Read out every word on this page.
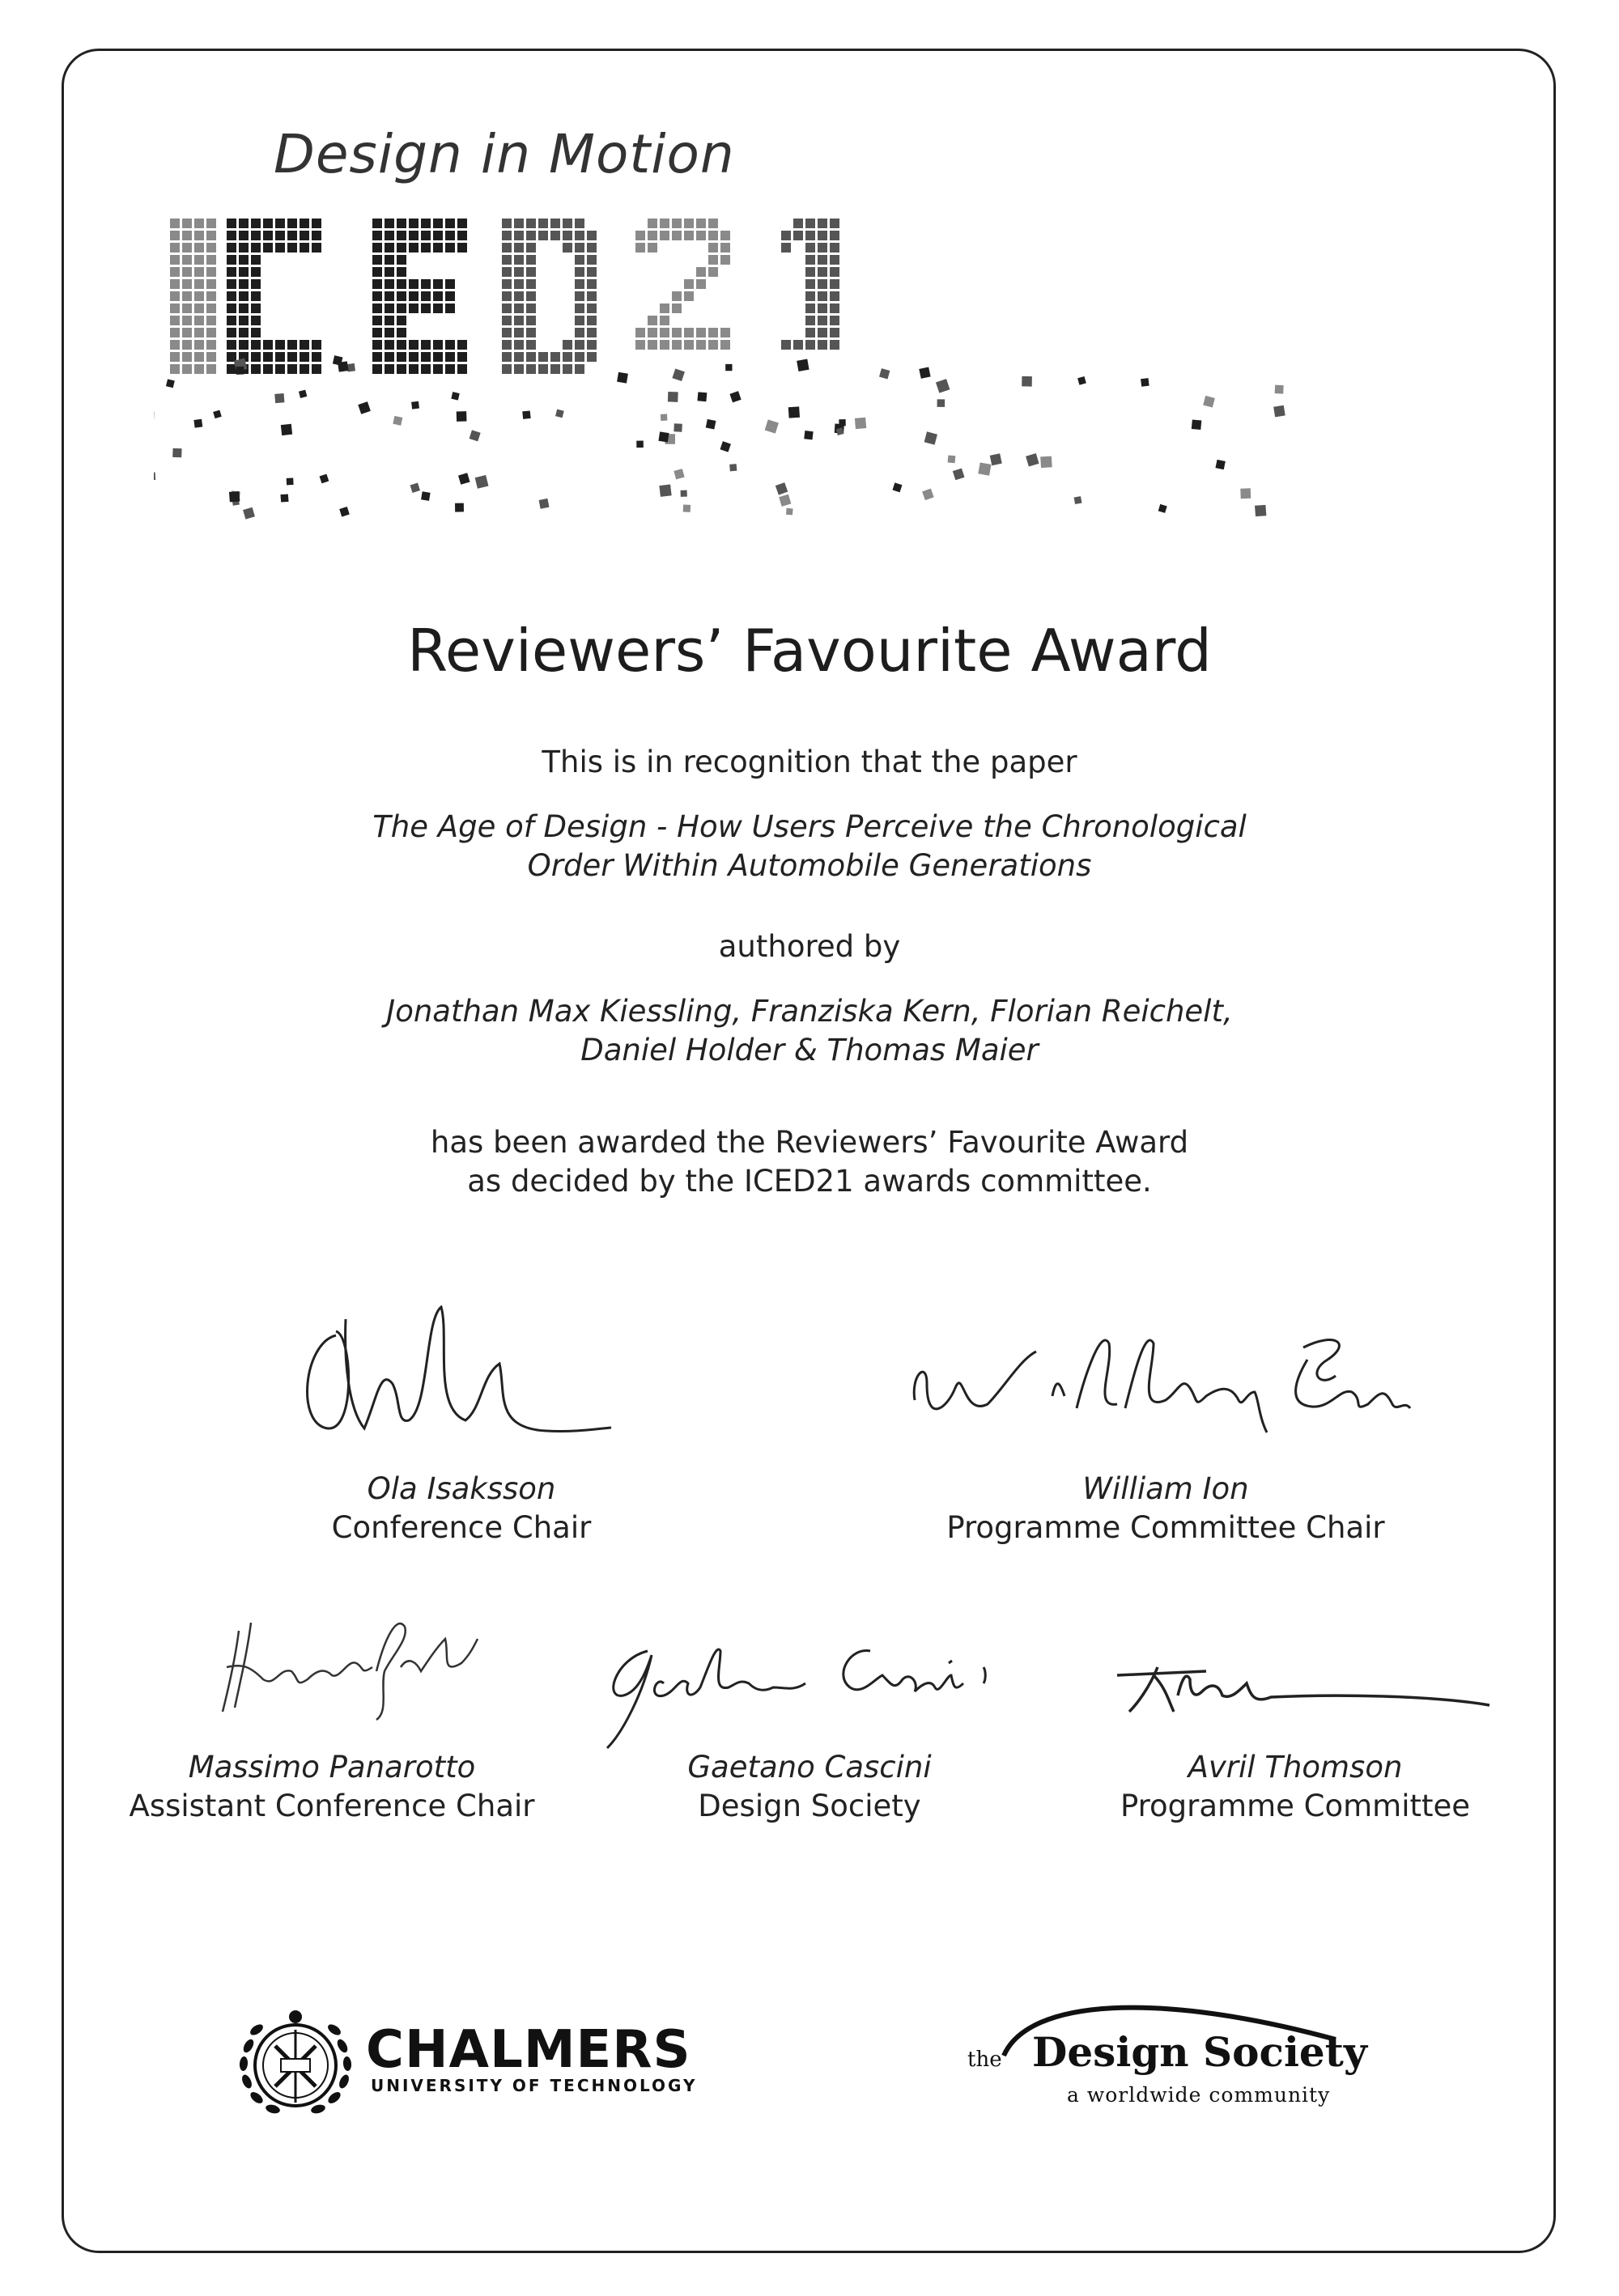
Design in Motion
Reviewers’ Favourite Award
This is in recognition that the paper
The Age of Design - How Users Perceive the Chronological
Order Within Automobile Generations
authored by
Jonathan Max Kiessling, Franziska Kern, Florian Reichelt,
Daniel Holder & Thomas Maier
has been awarded the Reviewers’ Favourite Award
as decided by the ICED21 awards committee.
Ola Isaksson
Conference Chair
William Ion
Programme Committee Chair
Massimo Panarotto
Assistant Conference Chair
Gaetano Cascini
Design Society
Avril Thomson
Programme Committee
CHALMERS
UNIVERSITY OF TECHNOLOGY
the Design Society
a worldwide community
